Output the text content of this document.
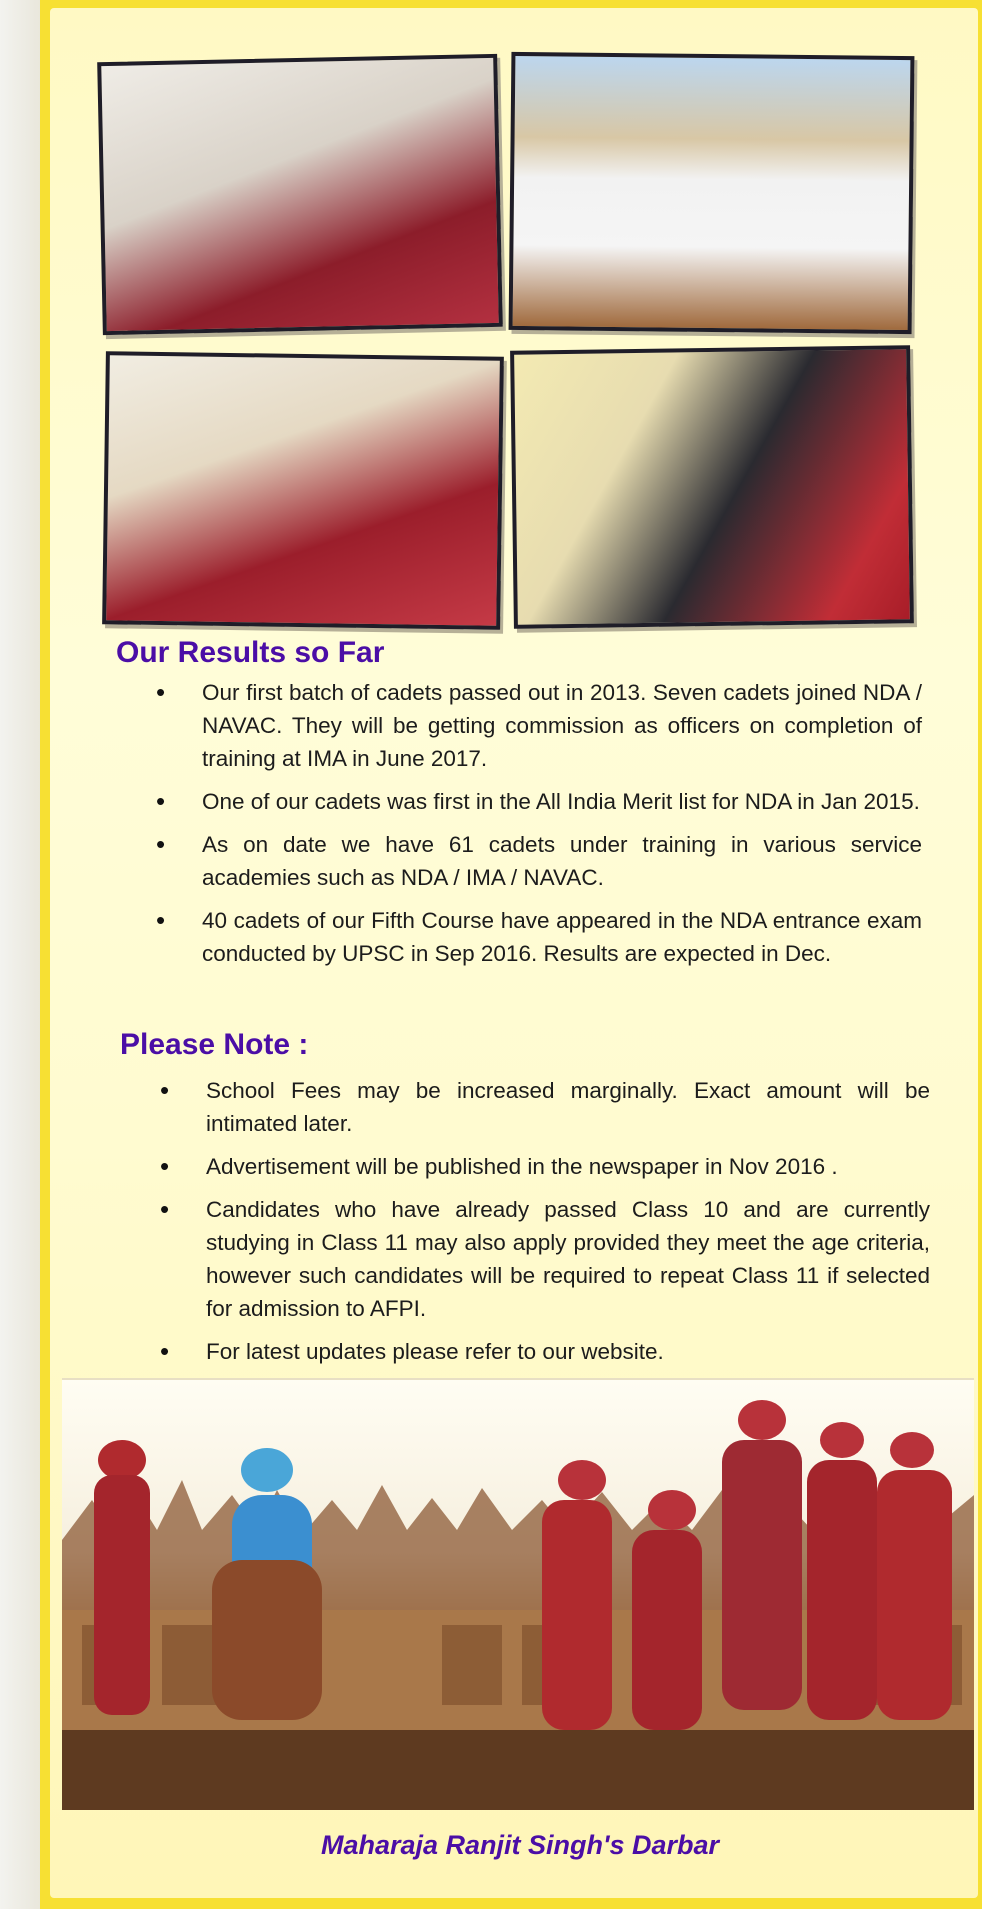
Our Results so Far
• Our first batch of cadets passed out in 2013. Seven cadets joined NDA / NAVAC. They will be getting commission as officers on completion of training at IMA in June 2017.
• One of our cadets was first in the All India Merit list for NDA in Jan 2015.
• As on date we have 61 cadets under training in various service academies such as NDA / IMA / NAVAC.
• 40 cadets of our Fifth Course have appeared in the NDA entrance exam conducted by UPSC in Sep 2016. Results are expected in Dec.
Please Note :
• School Fees may be increased marginally. Exact amount will be intimated later.
• Advertisement will be published in the newspaper in Nov 2016 .
• Candidates who have already passed Class 10 and are currently studying in Class 11 may also apply provided they meet the age criteria, however such candidates will be required to repeat Class 11 if selected for admission to AFPI.
• For latest updates please refer to our website.

Maharaja Ranjit Singh's Darbar
